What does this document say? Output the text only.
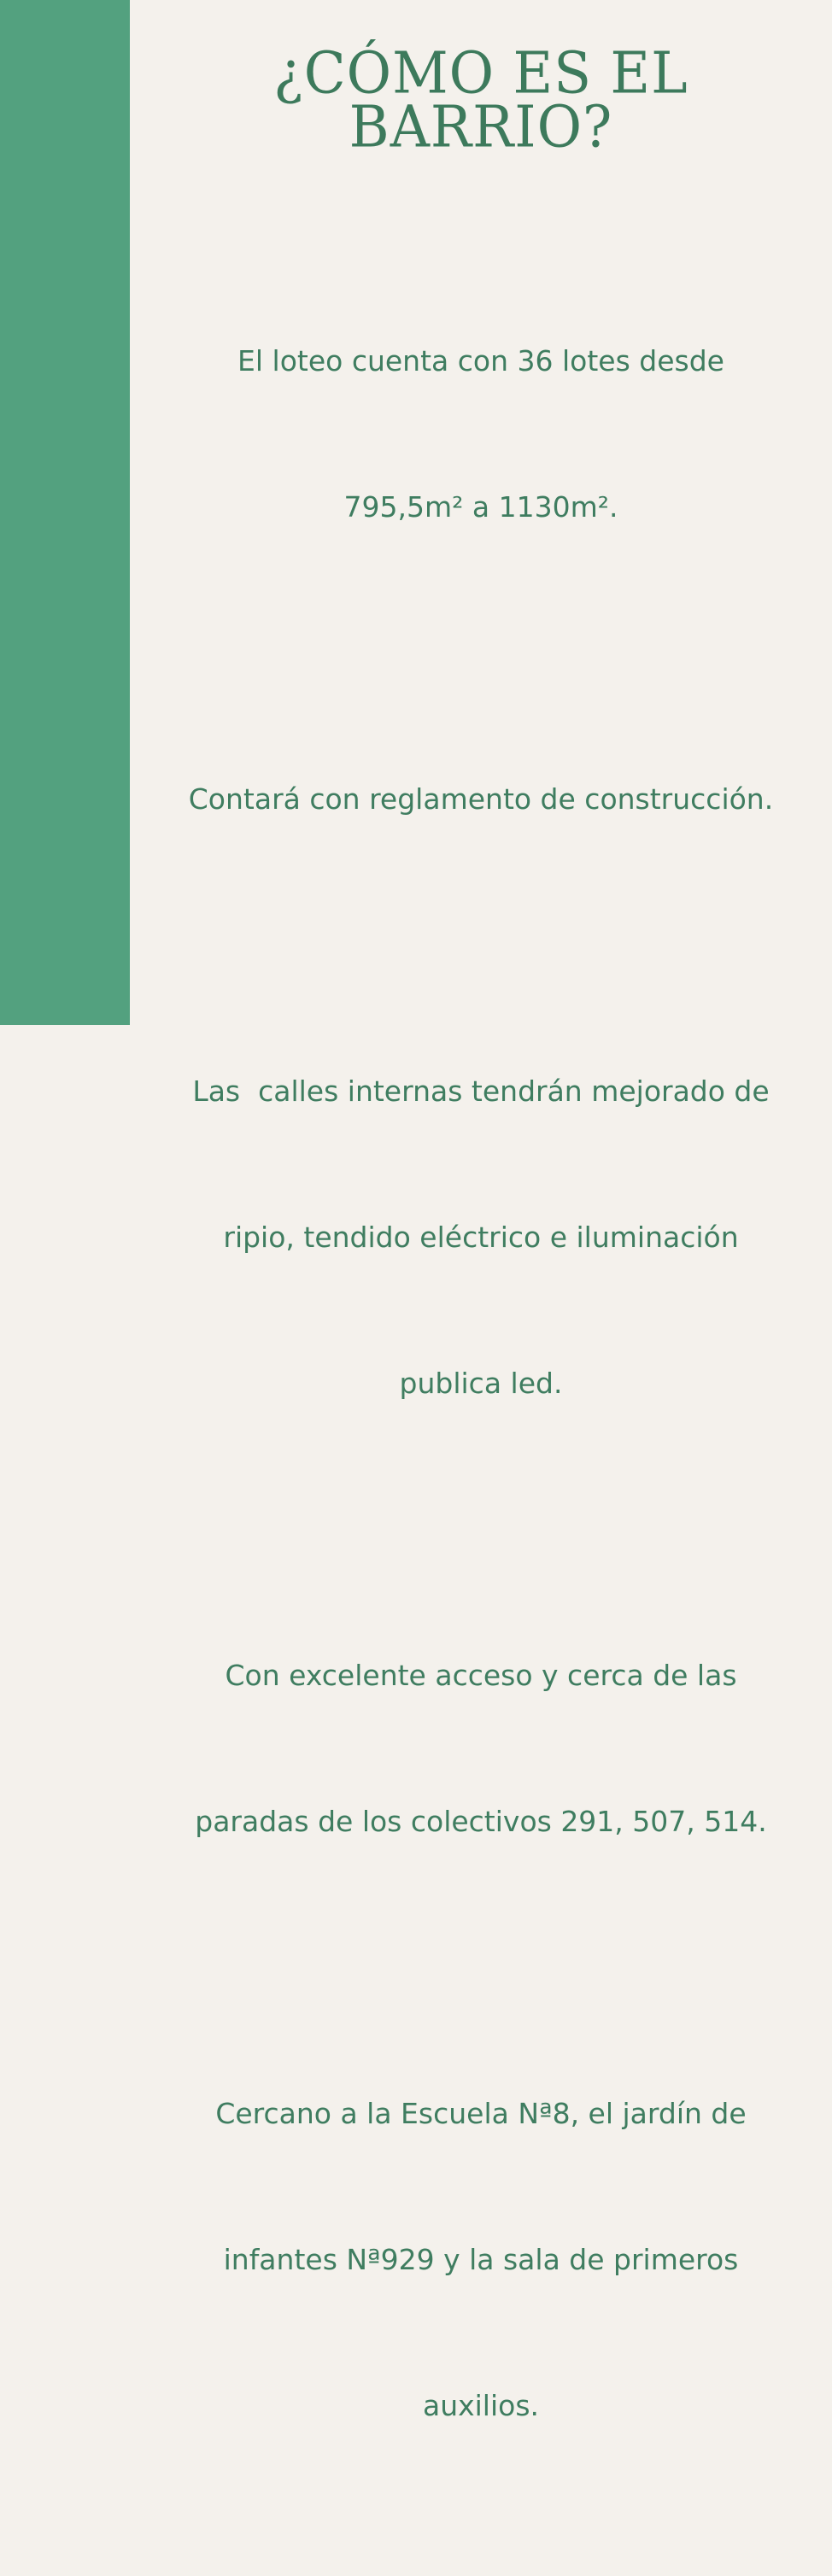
¿CÓMO ES EL
BARRIO?

El loteo cuenta con 36 lotes desde

795,5m² a 1130m².

Contará con reglamento de construcción.

Las  calles internas tendrán mejorado de

ripio, tendido eléctrico e iluminación

publica led.

Con excelente acceso y cerca de las

paradas de los colectivos 291, 507, 514.

Cercano a la Escuela Nª8, el jardín de

infantes Nª929 y la sala de primeros

auxilios.
